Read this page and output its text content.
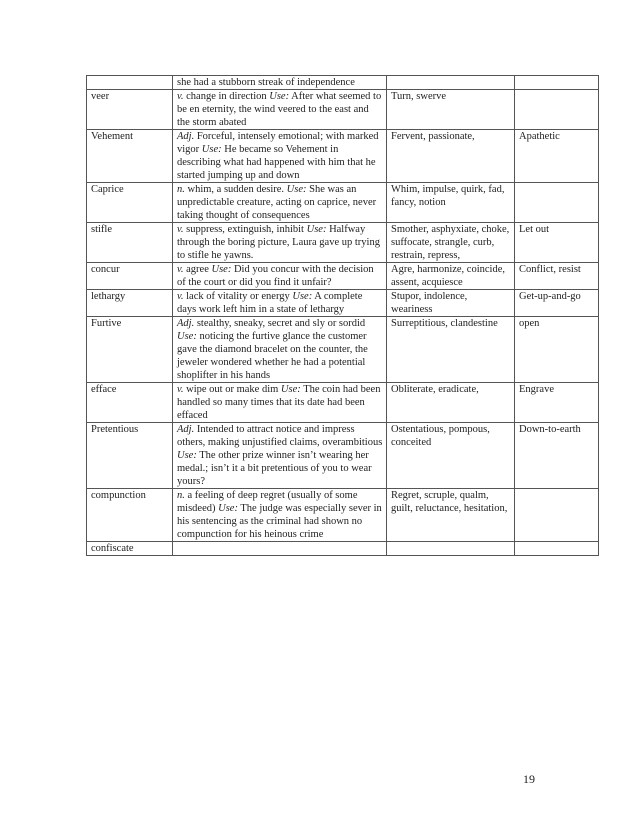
	she had a stubborn streak of independence		
veer	v. change in direction Use: After what seemed to be en eternity, the wind veered to the east and the storm abated	Turn, swerve	
Vehement	Adj. Forceful, intensely emotional; with marked vigor Use: He became so Vehement in describing what had happened with him that he started jumping up and down	Fervent, passionate,	Apathetic
Caprice	n. whim, a sudden desire. Use: She was an unpredictable creature, acting on caprice, never taking thought of consequences	Whim, impulse, quirk, fad, fancy, notion	
stifle	v. suppress, extinguish, inhibit Use: Halfway through the boring picture, Laura gave up trying to stifle he yawns.	Smother, asphyxiate, choke, suffocate, strangle, curb, restrain, repress,	Let out
concur	v. agree Use: Did you concur with the decision of the court or did you find it unfair?	Agre, harmonize, coincide, assent, acquiesce	Conflict, resist
lethargy	v. lack of vitality or energy Use: A complete days work left him in a state of lethargy	Stupor, indolence, weariness	Get-up-and-go
Furtive	Adj. stealthy, sneaky, secret and sly or sordid Use: noticing the furtive glance the customer gave the diamond bracelet on the counter, the jeweler wondered whether he had a potential shoplifter in his hands	Surreptitious, clandestine	open
efface	v. wipe out or make dim Use: The coin had been handled so many times that its date had been effaced	Obliterate, eradicate,	Engrave
Pretentious	Adj. Intended to attract notice and impress others, making unjustified claims, overambitious Use: The other prize winner isn’t wearing her medal.; isn’t it a bit pretentious of you to wear yours?	Ostentatious, pompous, conceited	Down-to-earth
compunction	n. a feeling of deep regret (usually of some misdeed) Use: The judge was especially sever in his sentencing as the criminal had shown no compunction for his heinous crime	Regret, scruple, qualm, guilt, reluctance, hesitation,	
confiscate			
19
